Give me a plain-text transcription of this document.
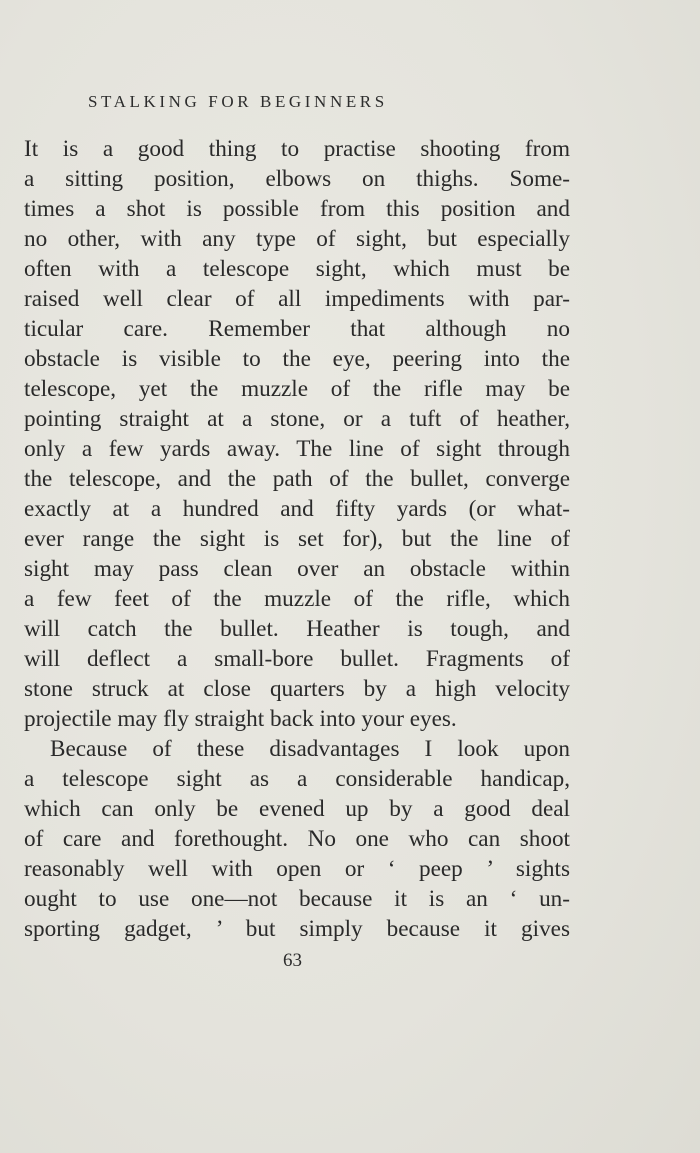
STALKING FOR BEGINNERS
It is a good thing to practise shooting from
a sitting position, elbows on thighs. Some-
times a shot is possible from this position and
no other, with any type of sight, but especially
often with a telescope sight, which must be
raised well clear of all impediments with par-
ticular care. Remember that although no
obstacle is visible to the eye, peering into the
telescope, yet the muzzle of the rifle may be
pointing straight at a stone, or a tuft of heather,
only a few yards away. The line of sight through
the telescope, and the path of the bullet, converge
exactly at a hundred and fifty yards (or what-
ever range the sight is set for), but the line of
sight may pass clean over an obstacle within
a few feet of the muzzle of the rifle, which
will catch the bullet. Heather is tough, and
will deflect a small-bore bullet. Fragments of
stone struck at close quarters by a high velocity
projectile may fly straight back into your eyes.
Because of these disadvantages I look upon
a telescope sight as a considerable handicap,
which can only be evened up by a good deal
of care and forethought. No one who can shoot
reasonably well with open or ‘ peep ’ sights
ought to use one—not because it is an ‘ un-
sporting gadget, ’ but simply because it gives
63
